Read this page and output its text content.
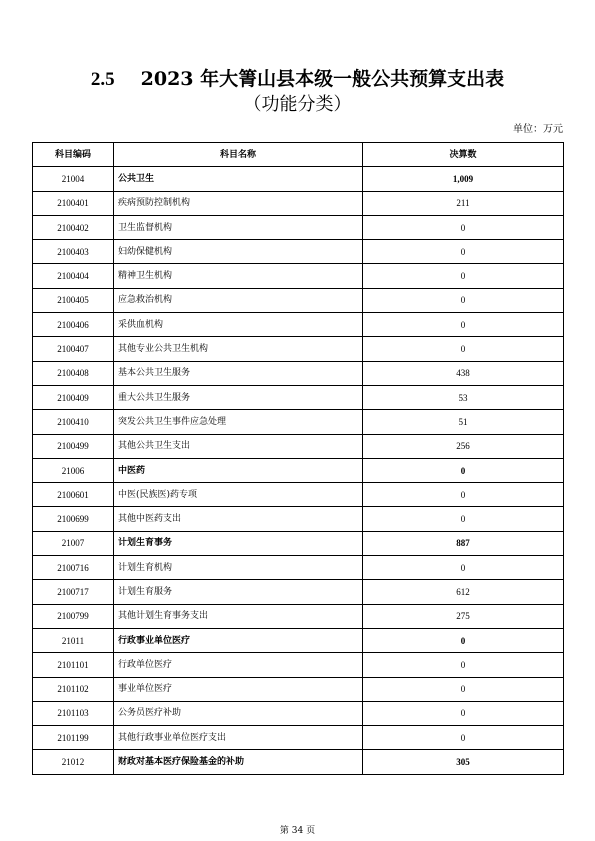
2.5 2023 年大箐山县本级一般公共预算支出表
（功能分类）
单位：万元
科目编码	科目名称	决算数
21004	公共卫生	1,009
2100401	疾病预防控制机构	211
2100402	卫生监督机构	0
2100403	妇幼保健机构	0
2100404	精神卫生机构	0
2100405	应急救治机构	0
2100406	采供血机构	0
2100407	其他专业公共卫生机构	0
2100408	基本公共卫生服务	438
2100409	重大公共卫生服务	53
2100410	突发公共卫生事件应急处理	51
2100499	其他公共卫生支出	256
21006	中医药	0
2100601	中医(民族医)药专项	0
2100699	其他中医药支出	0
21007	计划生育事务	887
2100716	计划生育机构	0
2100717	计划生育服务	612
2100799	其他计划生育事务支出	275
21011	行政事业单位医疗	0
2101101	行政单位医疗	0
2101102	事业单位医疗	0
2101103	公务员医疗补助	0
2101199	其他行政事业单位医疗支出	0
21012	财政对基本医疗保险基金的补助	305
第 34 页
